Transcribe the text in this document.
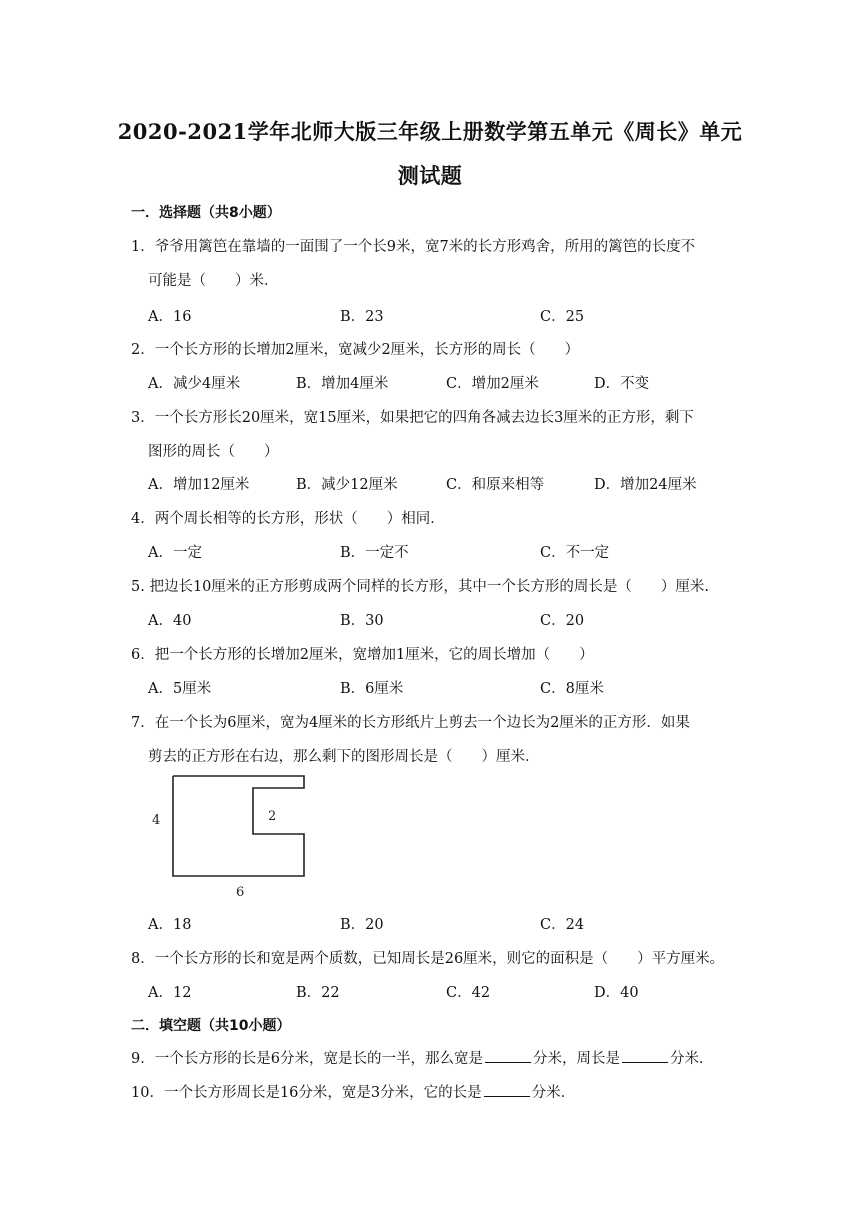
2020-2021学年北师大版三年级上册数学第五单元《周长》单元
测试题
一．选择题（共8小题）
1．爷爷用篱笆在靠墙的一面围了一个长9米，宽7米的长方形鸡舍，所用的篱笆的长度不
可能是（　　）米．
A．16	B．23	C．25
2．一个长方形的长增加2厘米，宽减少2厘米，长方形的周长（　　）
A．减少4厘米	B．增加4厘米	C．增加2厘米	D．不变
3．一个长方形长20厘米，宽15厘米，如果把它的四角各减去边长3厘米的正方形，剩下
图形的周长（　　）
A．增加12厘米	B．减少12厘米	C．和原来相等	D．增加24厘米
4．两个周长相等的长方形，形状（　　）相同．
A．一定	B．一定不	C．不一定
5. 把边长10厘米的正方形剪成两个同样的长方形，其中一个长方形的周长是（　　）厘米.
A．40	B．30	C．20
6．把一个长方形的长增加2厘米，宽增加1厘米，它的周长增加（　　）
A．5厘米	B．6厘米	C．8厘米
7．在一个长为6厘米，宽为4厘米的长方形纸片上剪去一个边长为2厘米的正方形．如果
剪去的正方形在右边，那么剩下的图形周长是（　　）厘米．
4	2
6
A．18	B．20	C．24
8．一个长方形的长和宽是两个质数，已知周长是26厘米，则它的面积是（　　）平方厘米。
A．12	B．22	C．42	D．40
二．填空题（共10小题）
9．一个长方形的长是6分米，宽是长的一半，那么宽是	分米，周长是	分米．
10．一个长方形周长是16分米，宽是3分米，它的长是	分米．
